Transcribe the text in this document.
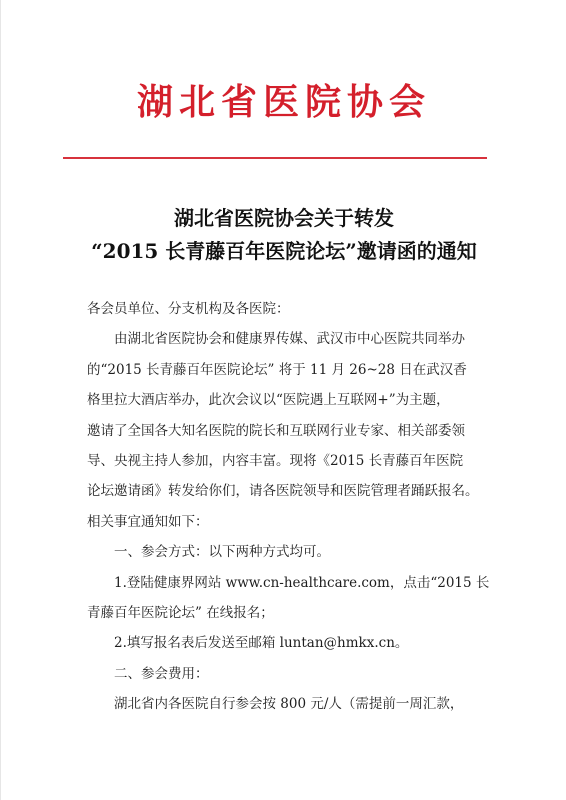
湖北省医院协会
湖北省医院协会关于转发
“2015 长青藤百年医院论坛”邀请函的通知
各会员单位、分支机构及各医院：
由湖北省医院协会和健康界传媒、武汉市中心医院共同举办
的“2015 长青藤百年医院论坛” 将于 11 月 26~28 日在武汉香
格里拉大酒店举办，此次会议以“医院遇上互联网+”为主题，
邀请了全国各大知名医院的院长和互联网行业专家、相关部委领
导、央视主持人参加，内容丰富。现将《2015 长青藤百年医院
论坛邀请函》转发给你们，请各医院领导和医院管理者踊跃报名。
相关事宜通知如下：
一、参会方式：以下两种方式均可。
1.登陆健康界网站 www.cn-healthcare.com，点击“2015 长
青藤百年医院论坛” 在线报名；
2.填写报名表后发送至邮箱 luntan@hmkx.cn。
二、参会费用：
湖北省内各医院自行参会按 800 元/人（需提前一周汇款，
